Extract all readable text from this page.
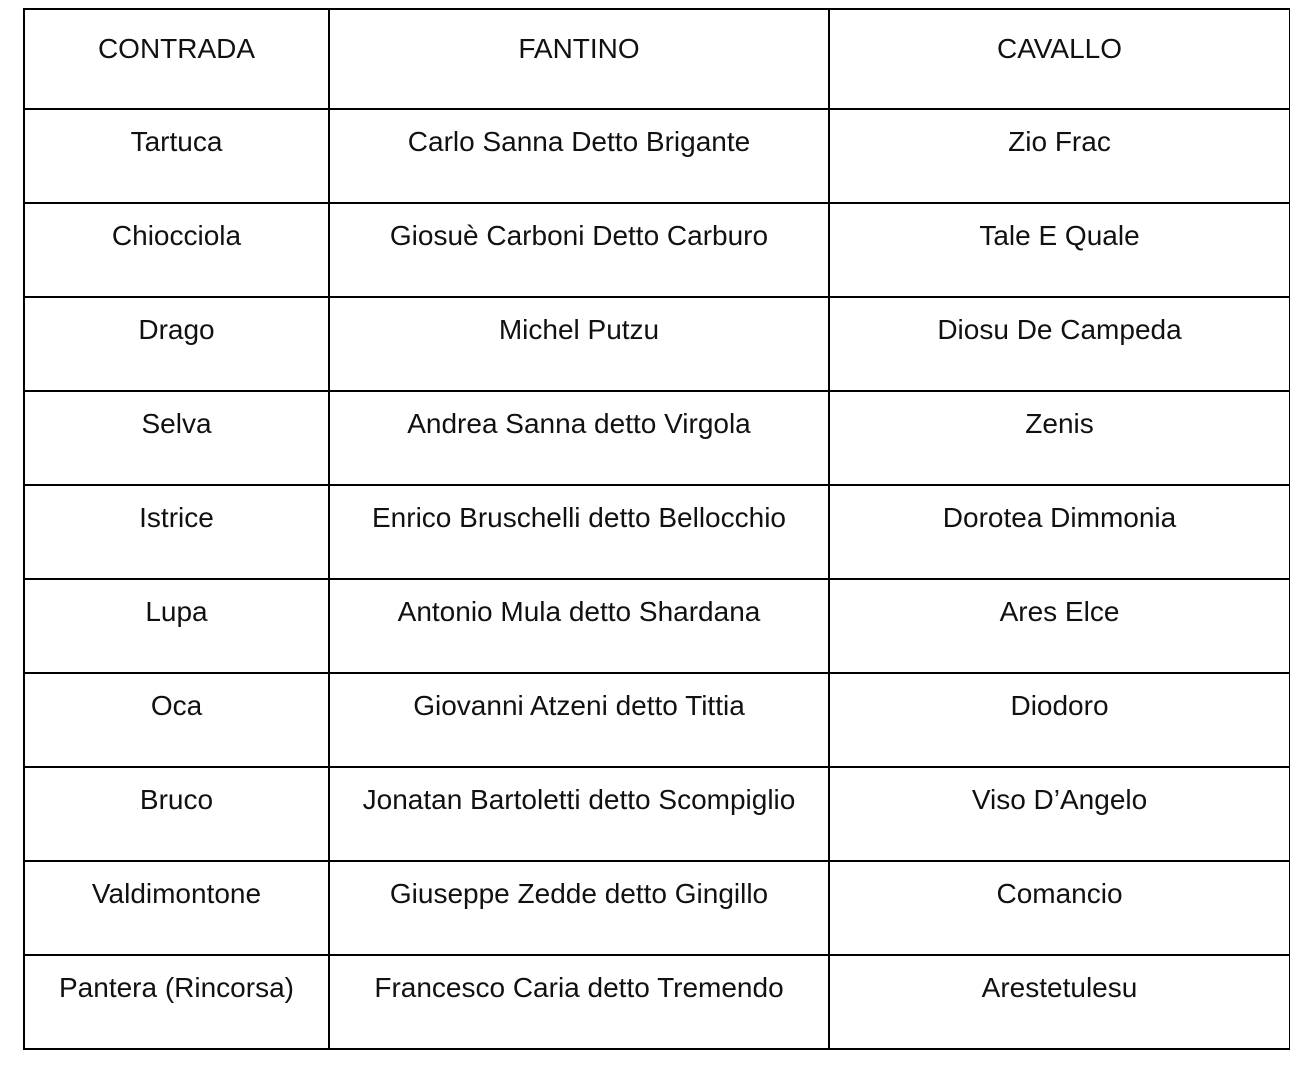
CONTRADA	FANTINO	CAVALLO
Tartuca	Carlo Sanna Detto Brigante	Zio Frac
Chiocciola	Giosuè Carboni Detto Carburo	Tale E Quale
Drago	Michel Putzu	Diosu De Campeda
Selva	Andrea Sanna detto Virgola	Zenis
Istrice	Enrico Bruschelli detto Bellocchio	Dorotea Dimmonia
Lupa	Antonio Mula detto Shardana	Ares Elce
Oca	Giovanni Atzeni detto Tittia	Diodoro
Bruco	Jonatan Bartoletti detto Scompiglio	Viso D’Angelo
Valdimontone	Giuseppe Zedde detto Gingillo	Comancio
Pantera (Rincorsa)	Francesco Caria detto Tremendo	Arestetulesu
